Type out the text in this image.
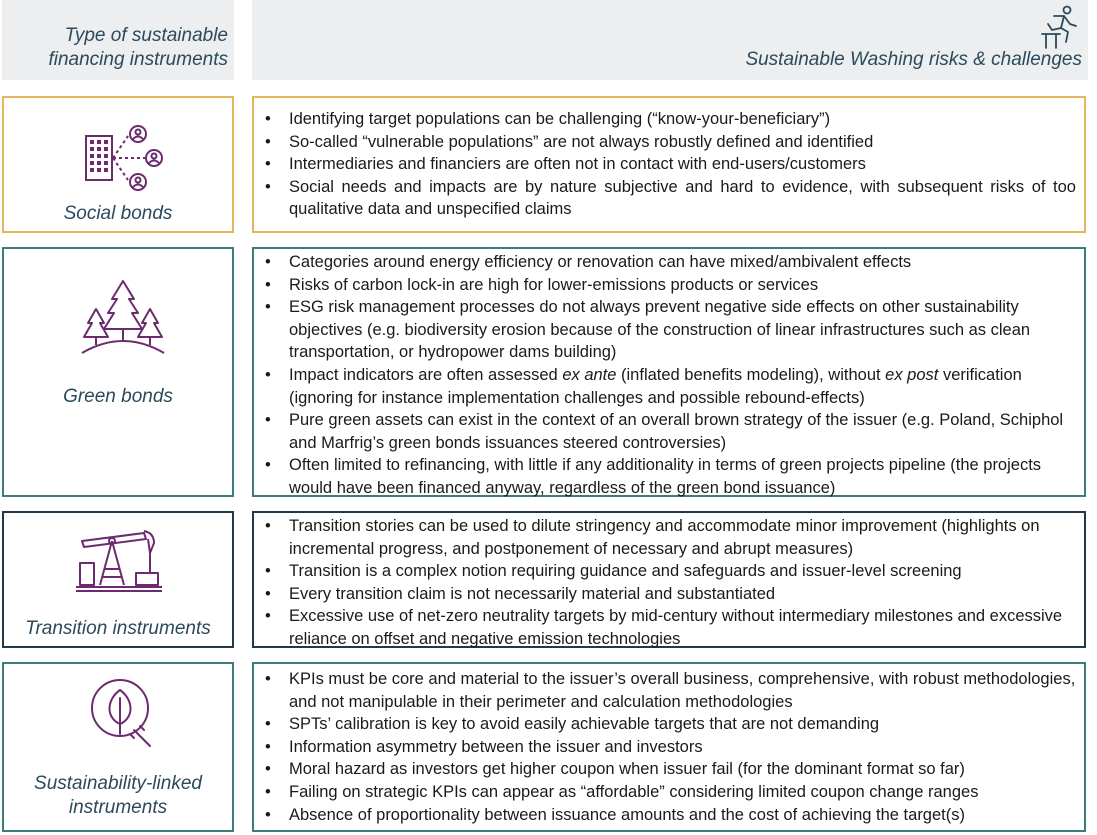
Type of sustainable
financing instruments	Sustainable Washing risks & challenges
Social bonds
• Identifying target populations can be challenging (“know-your-beneficiary”)
• So-called “vulnerable populations” are not always robustly defined and identified
• Intermediaries and financiers are often not in contact with end-users/customers
• Social needs and impacts are by nature subjective and hard to evidence, with subsequent risks of too qualitative data and unspecified claims
Green bonds
• Categories around energy efficiency or renovation can have mixed/ambivalent effects
• Risks of carbon lock-in are high for lower-emissions products or services
• ESG risk management processes do not always prevent negative side effects on other sustainability objectives (e.g. biodiversity erosion because of the construction of linear infrastructures such as clean transportation, or hydropower dams building)
• Impact indicators are often assessed ex ante (inflated benefits modeling), without ex post verification (ignoring for instance implementation challenges and possible rebound-effects)
• Pure green assets can exist in the context of an overall brown strategy of the issuer (e.g. Poland, Schiphol and Marfrig’s green bonds issuances steered controversies)
• Often limited to refinancing, with little if any additionality in terms of green projects pipeline (the projects would have been financed anyway, regardless of the green bond issuance)
Transition instruments
• Transition stories can be used to dilute stringency and accommodate minor improvement (highlights on incremental progress, and postponement of necessary and abrupt measures)
• Transition is a complex notion requiring guidance and safeguards and issuer-level screening
• Every transition claim is not necessarily material and substantiated
• Excessive use of net-zero neutrality targets by mid-century without intermediary milestones and excessive reliance on offset and negative emission technologies
Sustainability-linked
instruments
• KPIs must be core and material to the issuer’s overall business, comprehensive, with robust methodologies, and not manipulable in their perimeter and calculation methodologies
• SPTs’ calibration is key to avoid easily achievable targets that are not demanding
• Information asymmetry between the issuer and investors
• Moral hazard as investors get higher coupon when issuer fail (for the dominant format so far)
• Failing on strategic KPIs can appear as “affordable” considering limited coupon change ranges
• Absence of proportionality between issuance amounts and the cost of achieving the target(s)
